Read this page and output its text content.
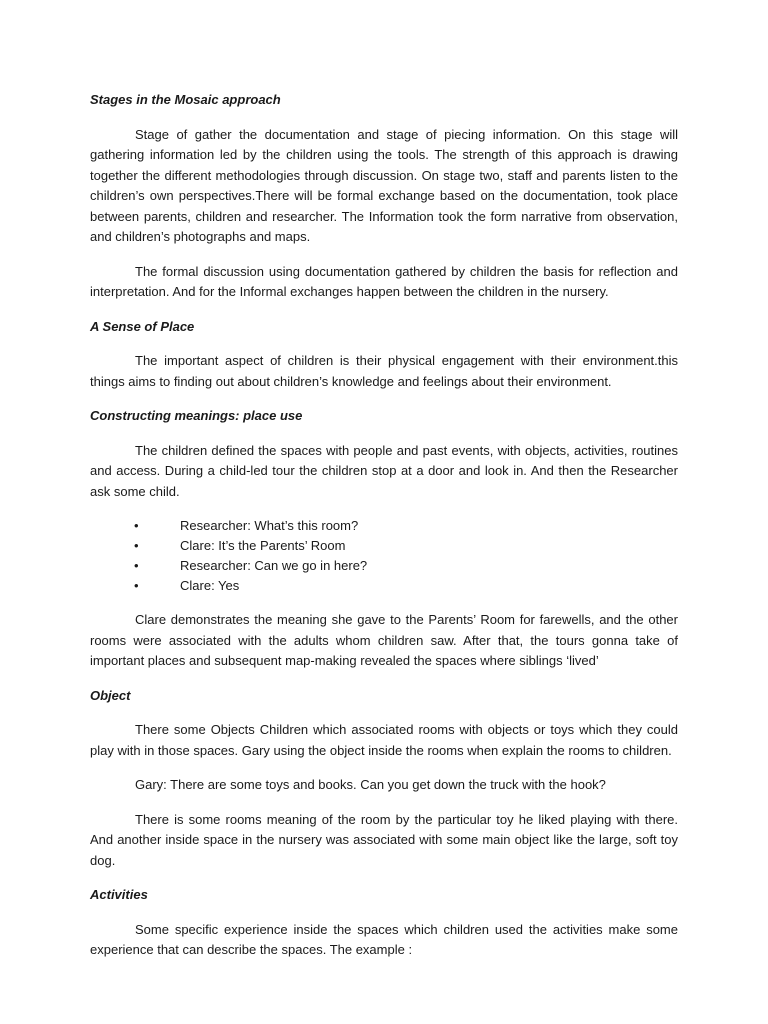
Stages in the Mosaic approach

Stage of gather the documentation and stage of piecing information. On this stage will gathering information led by the children using the tools. The strength of this approach is drawing together the different methodologies through discussion. On stage two, staff and parents listen to the children’s own perspectives.There will be formal exchange based on the documentation, took place between parents, children and researcher. The Information took the form narrative from observation, and children’s photographs and maps.

The formal discussion using documentation gathered by children the basis for reflection and interpretation. And for the Informal exchanges happen between the children in the nursery.

A Sense of Place

The important aspect of children is their physical engagement with their environment.this things aims to finding out about children’s knowledge and feelings about their environment.

Constructing meanings: place use

The children defined the spaces with people and past events, with objects, activities, routines and access. During a child-led tour the children stop at a door and look in. And then the Researcher ask some child.

•	Researcher: What’s this room?
•	Clare: It’s the Parents’ Room
•	Researcher: Can we go in here?
•	Clare: Yes

Clare demonstrates the meaning she gave to the Parents’ Room for farewells, and the other rooms were associated with the adults whom children saw. After that, the tours gonna take of important places and subsequent map-making revealed the spaces where siblings ‘lived’

Object

There some Objects Children which associated rooms with objects or toys which they could play with in those spaces. Gary using the object inside the rooms when explain the rooms to children.

Gary: There are some toys and books. Can you get down the truck with the hook?

There is some rooms meaning of the room by the particular toy he liked playing with there. And another inside space in the nursery was associated with some main object like the large, soft toy dog.

Activities

Some specific experience inside the spaces which children used the activities make some experience that can describe the spaces. The example :
